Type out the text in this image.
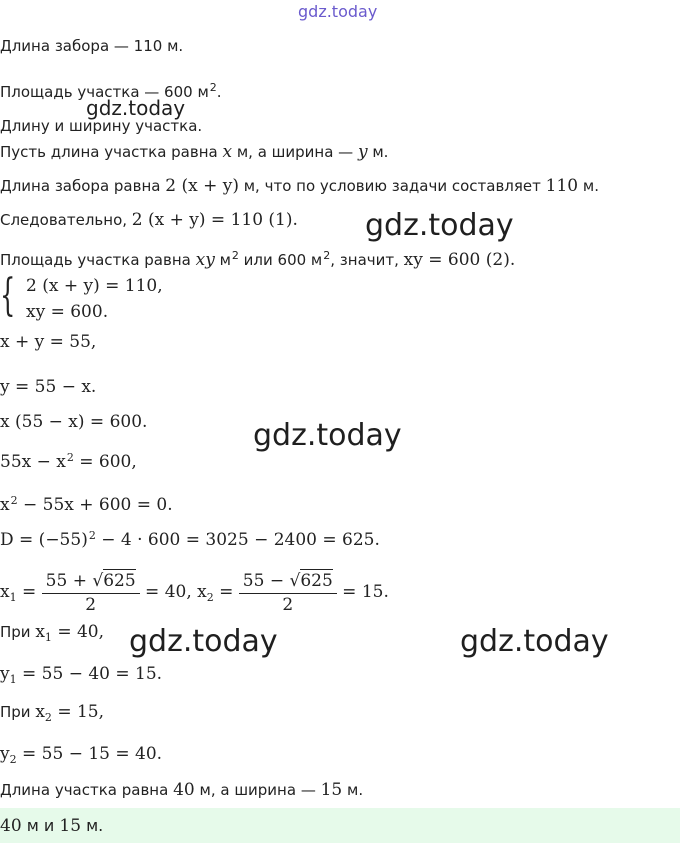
gdz.today
gdz.today
gdz.today
gdz.today
gdz.today	gdz.today
Длина забора — 110 м.
Площадь участка — 600 $м^2$.
Длину и ширину участка.
Пусть длина участка равна x м, а ширина — y м.
Длина забора равна 2 (x + y) м, что по условию задачи составляет 110 м.
Следовательно, 2 (x + y) = 110 (1).
Площадь участка равна xy $м^2$ или 600 $м^2$, значит, xy = 600 (2).
{ 2 (x + y) = 110,
xy = 600.
x + y = 55,
y = 55 − x.
x (55 − x) = 600.
$55x - x^2 = 600$,
$x^2 - 55x + 600 = 0$.
$D = (-55)^2 - 4 \cdot 600 = 3025 - 2400 = 625$.
$x_1 = \frac{55 + √625}{2} = 40$, $x_2 = \frac{55 - √625}{2} = 15$.
При $x_1 = 40$,
$y_1 = 55 - 40 = 15$.
При $x_2 = 15$,
$y_2 = 55 - 15 = 40$.
Длина участка равна 40 м, а ширина — 15 м.
40 м и 15 м.
